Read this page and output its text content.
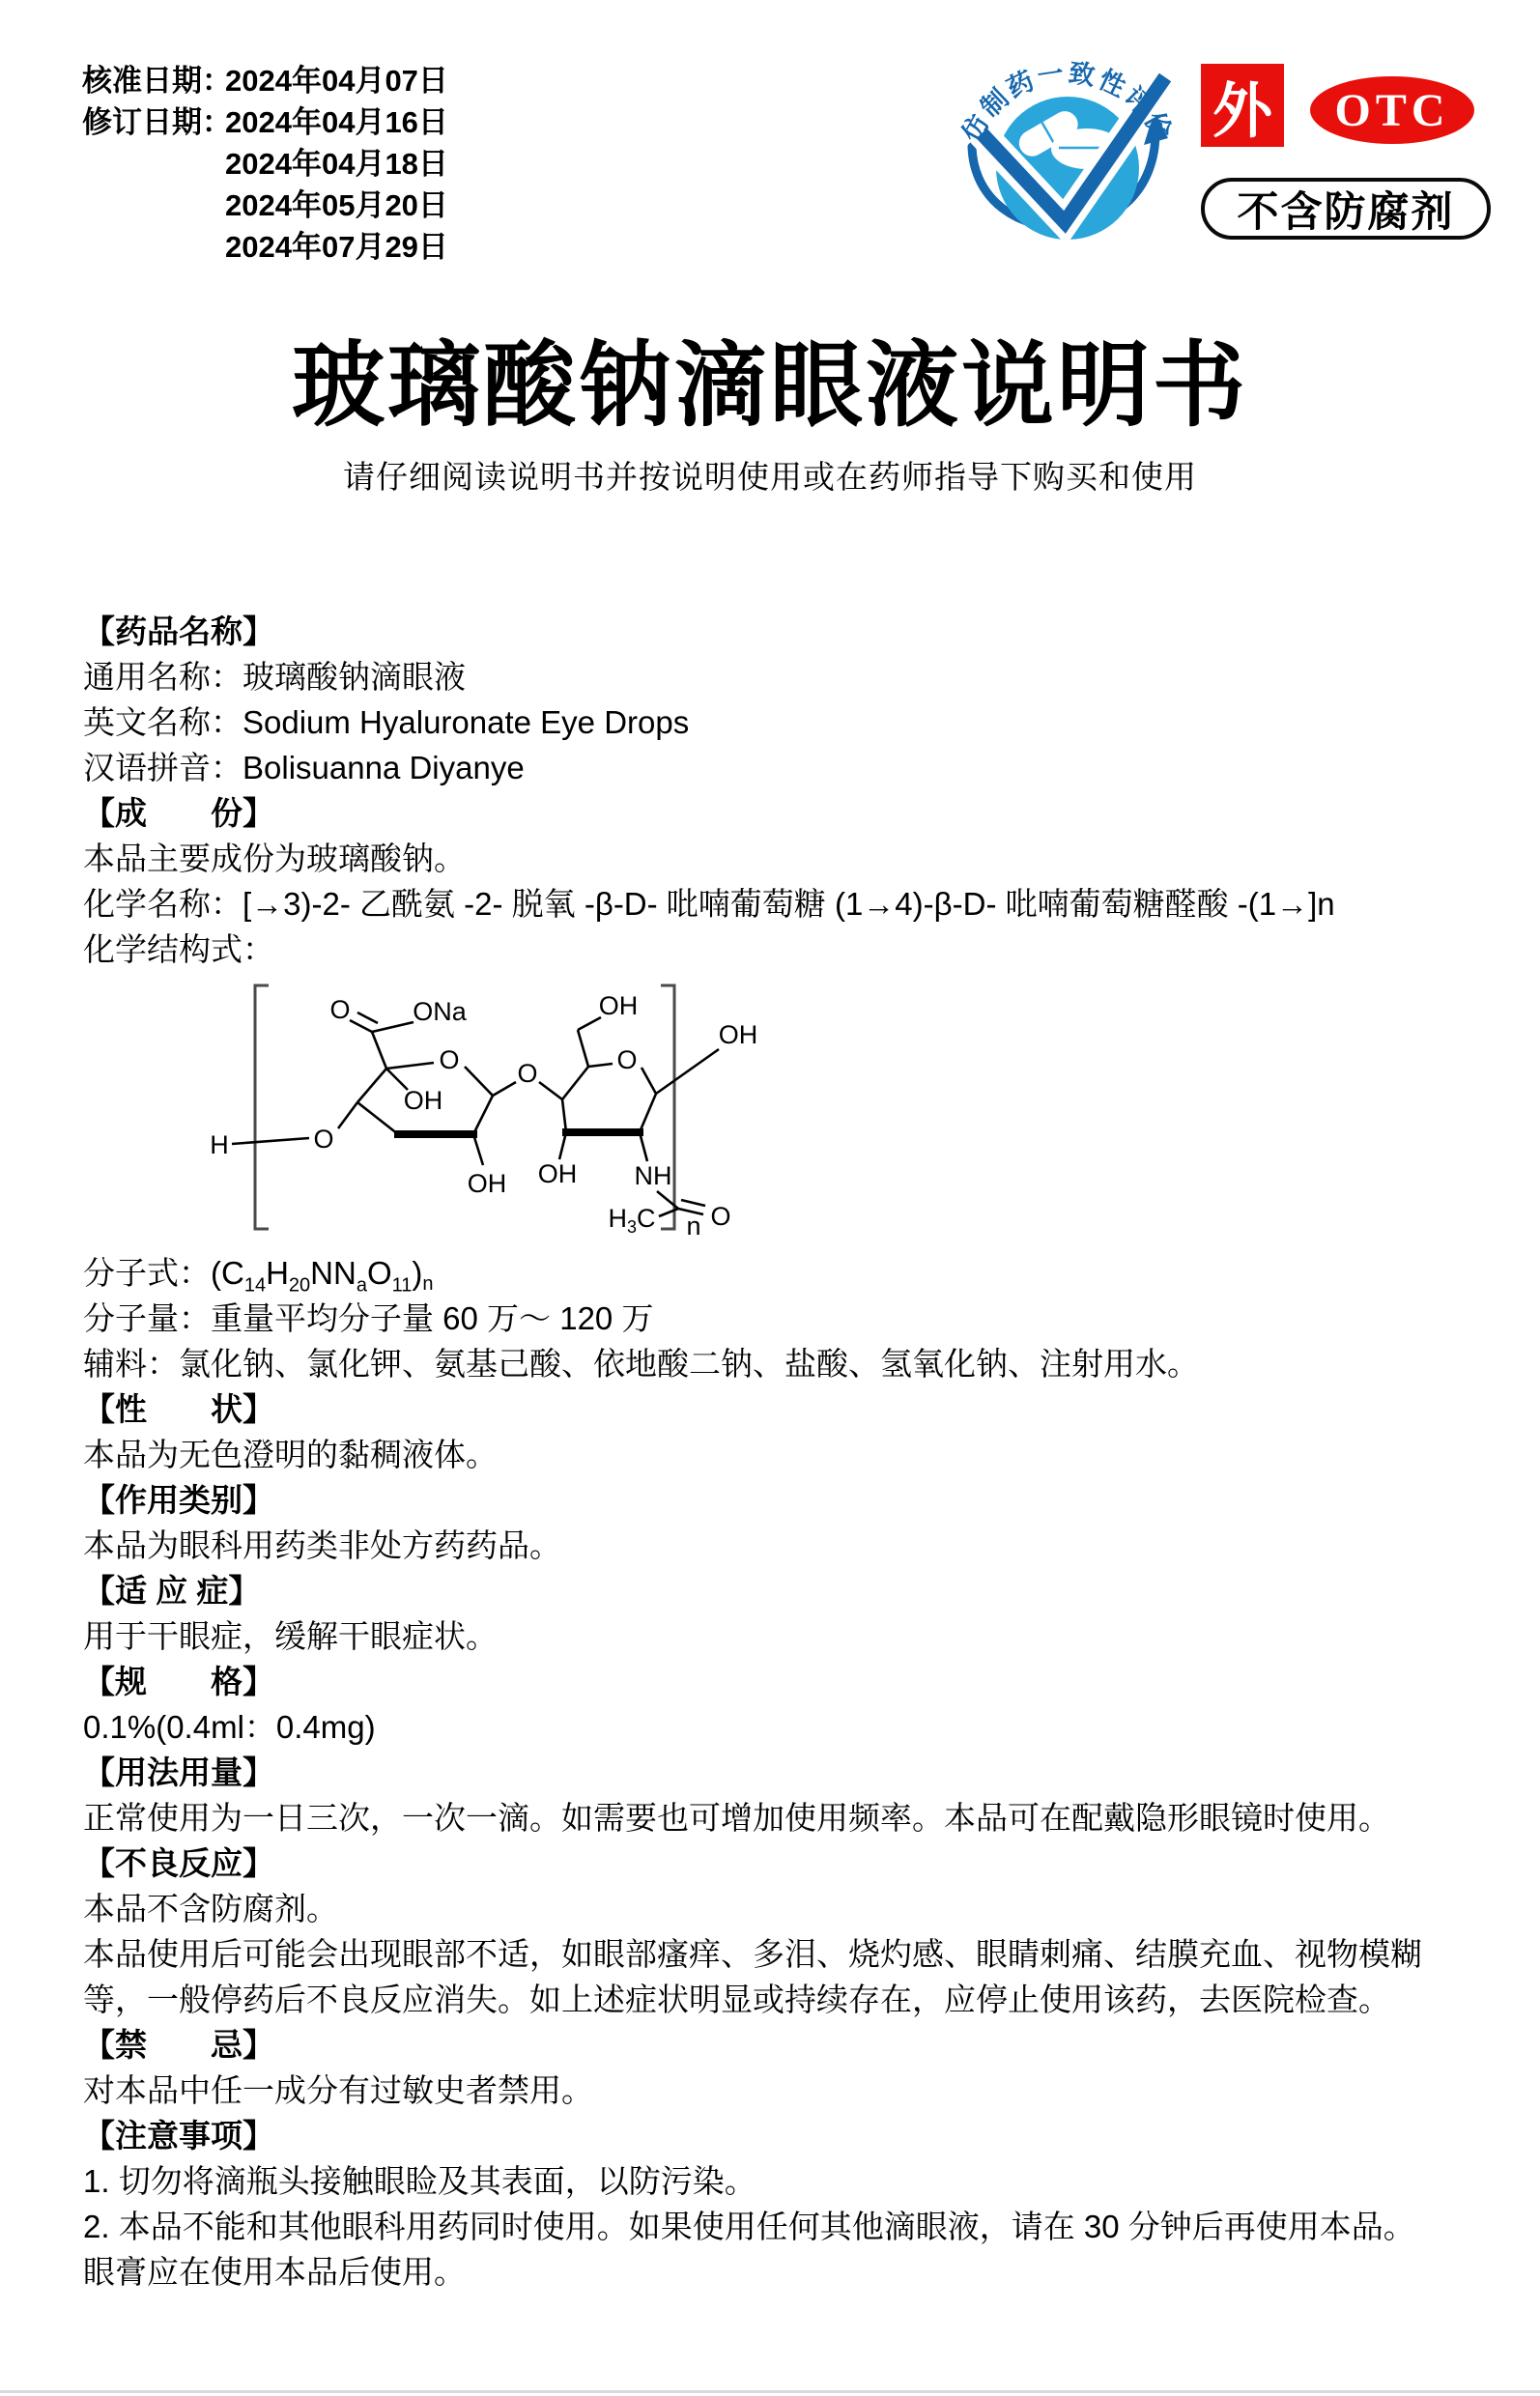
核准日期：
2024年04月07日
修订日期：
2024年04月16日
2024年04月18日
2024年05月20日
2024年07月29日
仿制药一致性评价 外 OTC
不含防腐剂
玻璃酸钠滴眼液说明书
请仔细阅读说明书并按说明使用或在药师指导下购买和使用
【药品名称】
通用名称：玻璃酸钠滴眼液
英文名称：Sodium Hyaluronate Eye Drops
汉语拼音：Bolisuanna Diyanye
【成　　份】
本品主要成份为玻璃酸钠。
化学名称：[→3)-2- 乙酰氨 -2- 脱氧 -β-D- 吡喃葡萄糖 (1→4)-β-D- 吡喃葡萄糖醛酸 -(1→]n
化学结构式：
H	O
O ONa
O
OH
OH
O
OH
O
OH
OH NH
$H_3C$ O
n
分子式：$(C_{14}H_{20}NN_aO_{11})n$
分子量：重量平均分子量 60 万～ 120 万
辅料：氯化钠、氯化钾、氨基己酸、依地酸二钠、盐酸、氢氧化钠、注射用水。
【性　　状】
本品为无色澄明的黏稠液体。
【作用类别】
本品为眼科用药类非处方药药品。
【适 应 症】
用于干眼症，缓解干眼症状。
【规　　格】
0.1%(0.4ml：0.4mg)
【用法用量】
正常使用为一日三次，一次一滴。如需要也可增加使用频率。本品可在配戴隐形眼镜时使用。
【不良反应】
本品不含防腐剂。
本品使用后可能会出现眼部不适，如眼部瘙痒、多泪、烧灼感、眼睛刺痛、结膜充血、视物模糊
等，一般停药后不良反应消失。如上述症状明显或持续存在，应停止使用该药，去医院检查。
【禁　　忌】
对本品中任一成分有过敏史者禁用。
【注意事项】
1. 切勿将滴瓶头接触眼睑及其表面，以防污染。
2. 本品不能和其他眼科用药同时使用。如果使用任何其他滴眼液，请在 30 分钟后再使用本品。
眼膏应在使用本品后使用。
